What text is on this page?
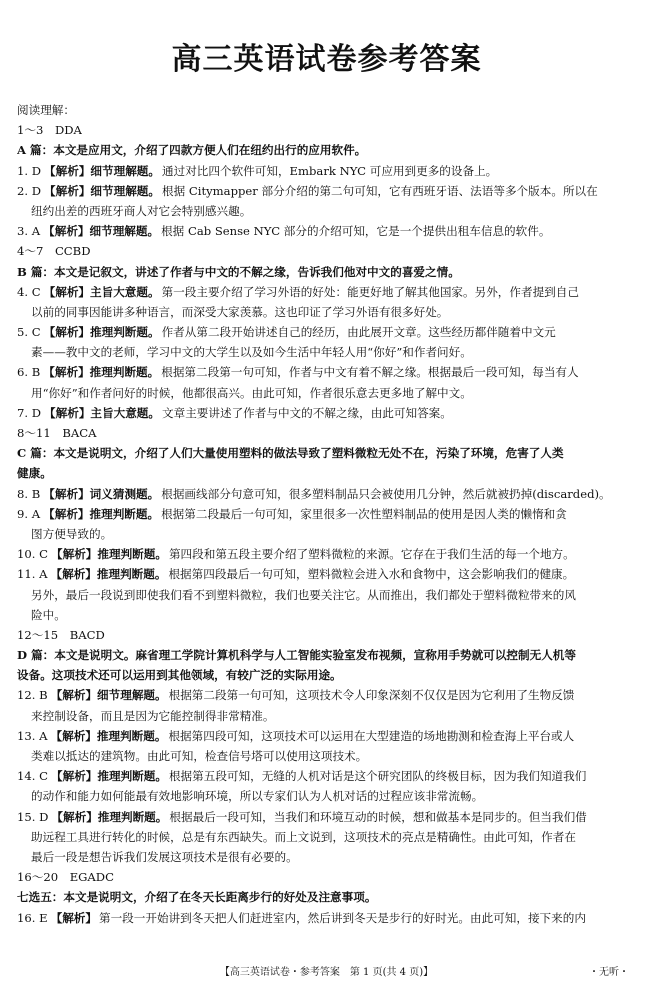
高三英语试卷参考答案
阅读理解：
1～3　DDA
A 篇：本文是应用文，介绍了四款方便人们在纽约出行的应用软件。
1. D 【解析】细节理解题。 通过对比四个软件可知，Embark NYC 可应用到更多的设备上。
2. D 【解析】细节理解题。 根据 Citymapper 部分介绍的第二句可知，它有西班牙语、法语等多个版本。所以在
纽约出差的西班牙商人对它会特别感兴趣。
3. A 【解析】细节理解题。 根据 Cab Sense NYC 部分的介绍可知，它是一个提供出租车信息的软件。
4～7　CCBD
B 篇：本文是记叙文，讲述了作者与中文的不解之缘，告诉我们他对中文的喜爱之情。
4. C 【解析】主旨大意题。 第一段主要介绍了学习外语的好处：能更好地了解其他国家。另外，作者提到自己
以前的同事因能讲多种语言，而深受大家羡慕。这也印证了学习外语有很多好处。
5. C 【解析】推理判断题。 作者从第二段开始讲述自己的经历，由此展开文章。这些经历都伴随着中文元
素——教中文的老师，学习中文的大学生以及如今生活中年轻人用“你好”和作者问好。
6. B 【解析】推理判断题。 根据第二段第一句可知，作者与中文有着不解之缘。根据最后一段可知，每当有人
用“你好”和作者问好的时候，他都很高兴。由此可知，作者很乐意去更多地了解中文。
7. D 【解析】主旨大意题。 文章主要讲述了作者与中文的不解之缘，由此可知答案。
8～11　BACA
C 篇：本文是说明文，介绍了人们大量使用塑料的做法导致了塑料微粒无处不在，污染了环境，危害了人类
健康。
8. B 【解析】词义猜测题。 根据画线部分句意可知，很多塑料制品只会被使用几分钟，然后就被扔掉(discarded)。
9. A 【解析】推理判断题。 根据第二段最后一句可知，家里很多一次性塑料制品的使用是因人类的懒惰和贪
图方便导致的。
10. C 【解析】推理判断题。 第四段和第五段主要介绍了塑料微粒的来源。它存在于我们生活的每一个地方。
11. A 【解析】推理判断题。 根据第四段最后一句可知，塑料微粒会进入水和食物中，这会影响我们的健康。
另外，最后一段说到即使我们看不到塑料微粒，我们也要关注它。从而推出，我们都处于塑料微粒带来的风
险中。
12～15　BACD
D 篇：本文是说明文。麻省理工学院计算机科学与人工智能实验室发布视频，宣称用手势就可以控制无人机等
设备。这项技术还可以运用到其他领域，有较广泛的实际用途。
12. B 【解析】细节理解题。 根据第二段第一句可知，这项技术令人印象深刻不仅仅是因为它利用了生物反馈
来控制设备，而且是因为它能控制得非常精准。
13. A 【解析】推理判断题。 根据第四段可知，这项技术可以运用在大型建造的场地勘测和检查海上平台或人
类难以抵达的建筑物。由此可知，检查信号塔可以使用这项技术。
14. C 【解析】推理判断题。 根据第五段可知，无缝的人机对话是这个研究团队的终极目标，因为我们知道我们
的动作和能力如何能最有效地影响环境，所以专家们认为人机对话的过程应该非常流畅。
15. D 【解析】推理判断题。 根据最后一段可知，当我们和环境互动的时候，想和做基本是同步的。但当我们借
助远程工具进行转化的时候，总是有东西缺失。而上文说到，这项技术的亮点是精确性。由此可知，作者在
最后一段是想告诉我们发展这项技术是很有必要的。
16～20　EGADC
七选五：本文是说明文，介绍了在冬天长距离步行的好处及注意事项。
16. E 【解析】 第一段一开始讲到冬天把人们赶进室内，然后讲到冬天是步行的好时光。由此可知，接下来的内
【高三英语试卷・参考答案　第 1 页(共 4 页)】	・无听・
